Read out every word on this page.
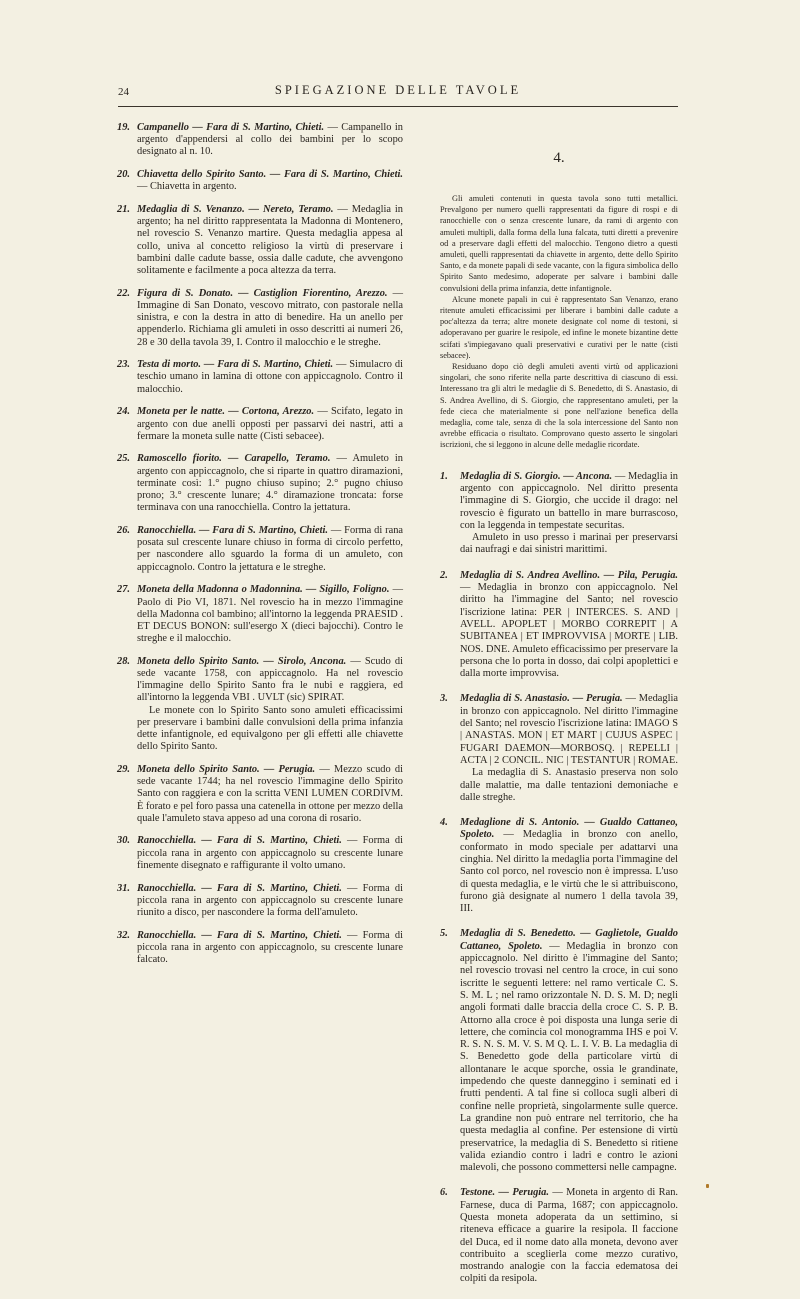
24	SPIEGAZIONE DELLE TAVOLE
19. Campanello — Fara di S. Martino, Chieti. — Campanello in argento d'appendersi al collo dei bambini per lo scopo designato al n. 10.

20. Chiavetta dello Spirito Santo. — Fara di S. Martino, Chieti. — Chiavetta in argento.

21. Medaglia di S. Venanzo. — Nereto, Teramo. — Medaglia in argento; ha nel diritto rappresentata la Madonna di Montenero, nel rovescio S. Venanzo martire. Questa medaglia appesa al collo, univa al concetto religioso la virtù di preservare i bambini dalle cadute basse, ossia dalle cadute, che avvengono solitamente e facilmente a poca altezza da terra.

22. Figura di S. Donato. — Castiglion Fiorentino, Arezzo. — Immagine di San Donato, vescovo mitrato, con pastorale nella sinistra, e con la destra in atto di benedire. Ha un anello per appenderlo. Richiama gli amuleti in osso descritti ai numeri 26, 28 e 30 della tavola 39, I. Contro il malocchio e le streghe.

23. Testa di morto. — Fara di S. Martino, Chieti. — Simulacro di teschio umano in lamina di ottone con appiccagnolo. Contro il malocchio.

24. Moneta per le natte. — Cortona, Arezzo. — Scifato, legato in argento con due anelli opposti per passarvi dei nastri, atti a fermare la moneta sulle natte (Cisti sebacee).

25. Ramoscello fiorito. — Carapello, Teramo. — Amuleto in argento con appiccagnolo, che si riparte in quattro diramazioni, terminate così: 1.° pugno chiuso supino; 2.° pugno chiuso prono; 3.° crescente lunare; 4.° diramazione troncata: forse terminava con una ranocchiella. Contro la jettatura.

26. Ranocchiella. — Fara di S. Martino, Chieti. — Forma di rana posata sul crescente lunare chiuso in forma di circolo perfetto, per nascondere allo sguardo la forma di un amuleto, con appiccagnolo. Contro la jettatura e le streghe.

27. Moneta della Madonna o Madonnina. — Sigillo, Foligno. — Paolo di Pio VI, 1871. Nel rovescio ha in mezzo l'immagine della Madonna col bambino; all'intorno la leggenda PRAESID . ET DECUS BONON: sull'esergo X (dieci bajocchi). Contro le streghe e il malocchio.

28. Moneta dello Spirito Santo. — Sirolo, Ancona. — Scudo di sede vacante 1758, con appiccagnolo. Ha nel rovescio l'immagine dello Spirito Santo fra le nubi e raggiera, ed all'intorno la leggenda VBI . UVLT (sic) SPIRAT.

Le monete con lo Spirito Santo sono amuleti efficacissimi per preservare i bambini dalle convulsioni della prima infanzia dette infantignole, ed equivalgono per gli effetti alle chiavette dello Spirito Santo.

29. Moneta dello Spirito Santo. — Perugia. — Mezzo scudo di sede vacante 1744; ha nel rovescio l'immagine dello Spirito Santo con raggiera e con la scritta VENI LUMEN CORDIVM. È forato e pel foro passa una catenella in ottone per mezzo della quale l'amuleto stava appeso ad una corona di rosario.

30. Ranocchiella. — Fara di S. Martino, Chieti. — Forma di piccola rana in argento con appiccagnolo su crescente lunare finemente disegnato e raffigurante il volto umano.

31. Ranocchiella. — Fara di S. Martino, Chieti. — Forma di piccola rana in argento con appiccagnolo su crescente lunare riunito a disco, per nascondere la forma dell'amuleto.

32. Ranocchiella. — Fara di S. Martino, Chieti. — Forma di piccola rana in argento con appiccagnolo, su crescente lunare falcato.

4.

Gli amuleti contenuti in questa tavola sono tutti metallici. Prevalgono per numero quelli rappresentati da figure di rospi e di ranocchielle con o senza crescente lunare, da rami di argento con amuleti multipli, dalla forma della luna falcata, tutti diretti a prevenire od a preservare dagli effetti del malocchio. Tengono dietro a questi amuleti, quelli rappresentati da chiavette in argento, dette dello Spirito Santo, e da monete papali di sede vacante, con la figura simbolica dello Spirito Santo medesimo, adoperate per salvare i bambini dalle convulsioni della prima infanzia, dette infantignole.

Alcune monete papali in cui è rappresentato San Venanzo, erano ritenute amuleti efficacissimi per liberare i bambini dalle cadute a poc'altezza da terra; altre monete designate col nome di testoni, si adoperavano per guarire le resipole, ed infine le monete bizantine dette scifati s'impiegavano quali preservativi e curativi per le natte (cisti sebacee).

Residuano dopo ciò degli amuleti aventi virtù od applicazioni singolari, che sono riferite nella parte descrittiva di ciascuno di essi. Interessano tra gli altri le medaglie di S. Benedetto, di S. Anastasio, di S. Andrea Avellino, di S. Giorgio, che rappresentano amuleti, per la fede cieca che materialmente si pone nell'azione benefica della medaglia, come tale, senza di che la sola intercessione del Santo non avrebbe efficacia o risultato. Comprovano questo asserto le singolari iscrizioni, che si leggono in alcune delle medaglie ricordate.

1. Medaglia di S. Giorgio. — Ancona. — Medaglia in argento con appiccagnolo. Nel diritto presenta l'immagine di S. Giorgio, che uccide il drago: nel rovescio è figurato un battello in mare burrascoso, con la leggenda in tempestate securitas.

Amuleto in uso presso i marinai per preservarsi dai naufragi e dai sinistri marittimi.

2. Medaglia di S. Andrea Avellino. — Pila, Perugia. — Medaglia in bronzo con appiccagnolo. Nel diritto ha l'immagine del Santo; nel rovescio l'iscrizione latina: PER | INTERCES. S. AND | AVELL. APOPLET | MORBO CORREPIT | A SUBITANEA | ET IMPROVVISA | MORTE | LIB. NOS. DNE. Amuleto efficacissimo per preservare la persona che lo porta in dosso, dai colpi apoplettici e dalla morte improvvisa.

3. Medaglia di S. Anastasio. — Perugia. — Medaglia in bronzo con appiccagnolo. Nel diritto l'immagine del Santo; nel rovescio l'iscrizione latina: IMAGO S | ANASTAS. MON | ET MART | CUJUS ASPEC | FUGARI DAEMON—MORBOSQ. | REPELLI | ACTA | 2 CONCIL. NIC | TESTANTUR | ROMAE.

La medaglia di S. Anastasio preserva non solo dalle malattie, ma dalle tentazioni demoniache e dalle streghe.

4. Medaglione di S. Antonio. — Gualdo Cattaneo, Spoleto. — Medaglia in bronzo con anello, conformato in modo speciale per adattarvi una cinghia. Nel diritto la medaglia porta l'immagine del Santo col porco, nel rovescio non è impressa. L'uso di questa medaglia, e le virtù che le si attribuiscono, furono già designate al numero 1 della tavola 39, III.

5. Medaglia di S. Benedetto. — Gaglietole, Gualdo Cattaneo, Spoleto. — Medaglia in bronzo con appiccagnolo. Nel diritto è l'immagine del Santo; nel rovescio trovasi nel centro la croce, in cui sono iscritte le seguenti lettere: nel ramo verticale C. S. S. M. L ; nel ramo orizzontale N. D. S. M. D; negli angoli formati dalle braccia della croce C. S. P. B. Attorno alla croce è poi disposta una lunga serie di lettere, che comincia col monogramma IHS e poi V. R. S. N. S. M. V. S. M Q. L. I. V. B. La medaglia di S. Benedetto gode della particolare virtù di allontanare le acque sporche, ossia le grandinate, impedendo che queste danneggino i seminati ed i frutti pendenti. A tal fine si colloca sugli alberi di confine nelle proprietà, singolarmente sulle querce. La grandine non può entrare nel territorio, che ha questa medaglia al confine. Per estensione di virtù preservatrice, la medaglia di S. Benedetto si ritiene valida eziandio contro i ladri e contro le azioni malevoli, che possono commettersi nelle campagne.

6. Testone. — Perugia. — Moneta in argento di Ran. Farnese, duca di Parma, 1687; con appiccagnolo. Questa moneta adoperata da un settimino, si riteneva efficace a guarire la resipola. Il faccione del Duca, ed il nome dato alla moneta, devono aver contribuito a sceglierla come mezzo curativo, mostrando analogie con la faccia edematosa dei colpiti da resipola.
